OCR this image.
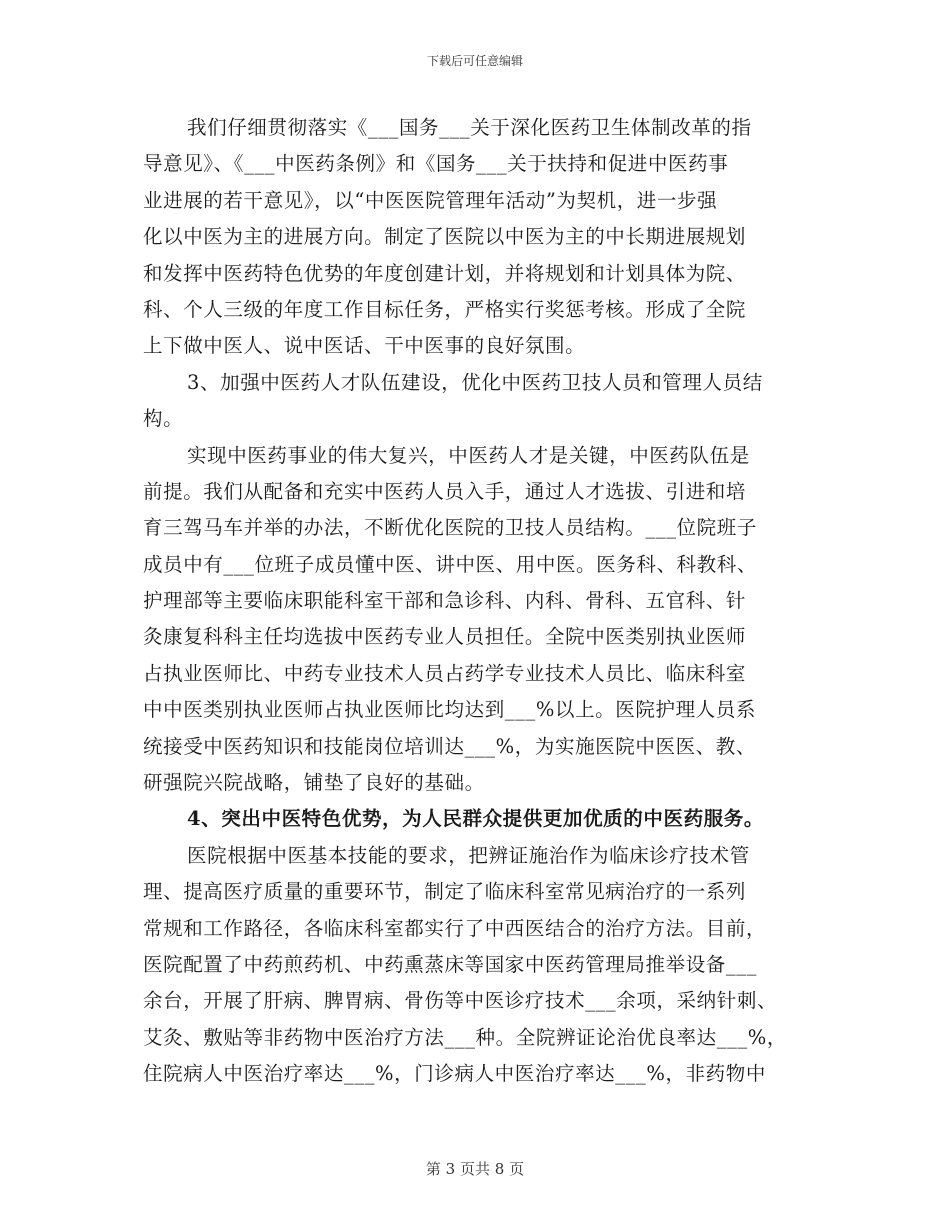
下载后可任意编辑
我们仔细贯彻落实《___国务___关于深化医药卫生体制改革的指
导意见》、《___中医药条例》和《国务___关于扶持和促进中医药事
业进展的若干意见》，以“中医医院管理年活动”为契机，进一步强
化以中医为主的进展方向。制定了医院以中医为主的中长期进展规划
和发挥中医药特色优势的年度创建计划，并将规划和计划具体为院、
科、个人三级的年度工作目标任务，严格实行奖惩考核。形成了全院
上下做中医人、说中医话、干中医事的良好氛围。
3、加强中医药人才队伍建设，优化中医药卫技人员和管理人员结
构。
实现中医药事业的伟大复兴，中医药人才是关键，中医药队伍是
前提。我们从配备和充实中医药人员入手，通过人才选拔、引进和培
育三驾马车并举的办法，不断优化医院的卫技人员结构。___位院班子
成员中有___位班子成员懂中医、讲中医、用中医。医务科、科教科、
护理部等主要临床职能科室干部和急诊科、内科、骨科、五官科、针
灸康复科科主任均选拔中医药专业人员担任。全院中医类别执业医师
占执业医师比、中药专业技术人员占药学专业技术人员比、临床科室
中中医类别执业医师占执业医师比均达到___%以上。医院护理人员系
统接受中医药知识和技能岗位培训达___%，为实施医院中医医、教、
研强院兴院战略，铺垫了良好的基础。
4、突出中医特色优势，为人民群众提供更加优质的中医药服务。
医院根据中医基本技能的要求，把辨证施治作为临床诊疗技术管
理、提高医疗质量的重要环节，制定了临床科室常见病治疗的一系列
常规和工作路径，各临床科室都实行了中西医结合的治疗方法。目前，
医院配置了中药煎药机、中药熏蒸床等国家中医药管理局推举设备___
余台，开展了肝病、脾胃病、骨伤等中医诊疗技术___余项，采纳针刺、
艾灸、敷贴等非药物中医治疗方法___种。全院辨证论治优良率达___%，
住院病人中医治疗率达___%，门诊病人中医治疗率达___%，非药物中
第 3 页共 8 页
